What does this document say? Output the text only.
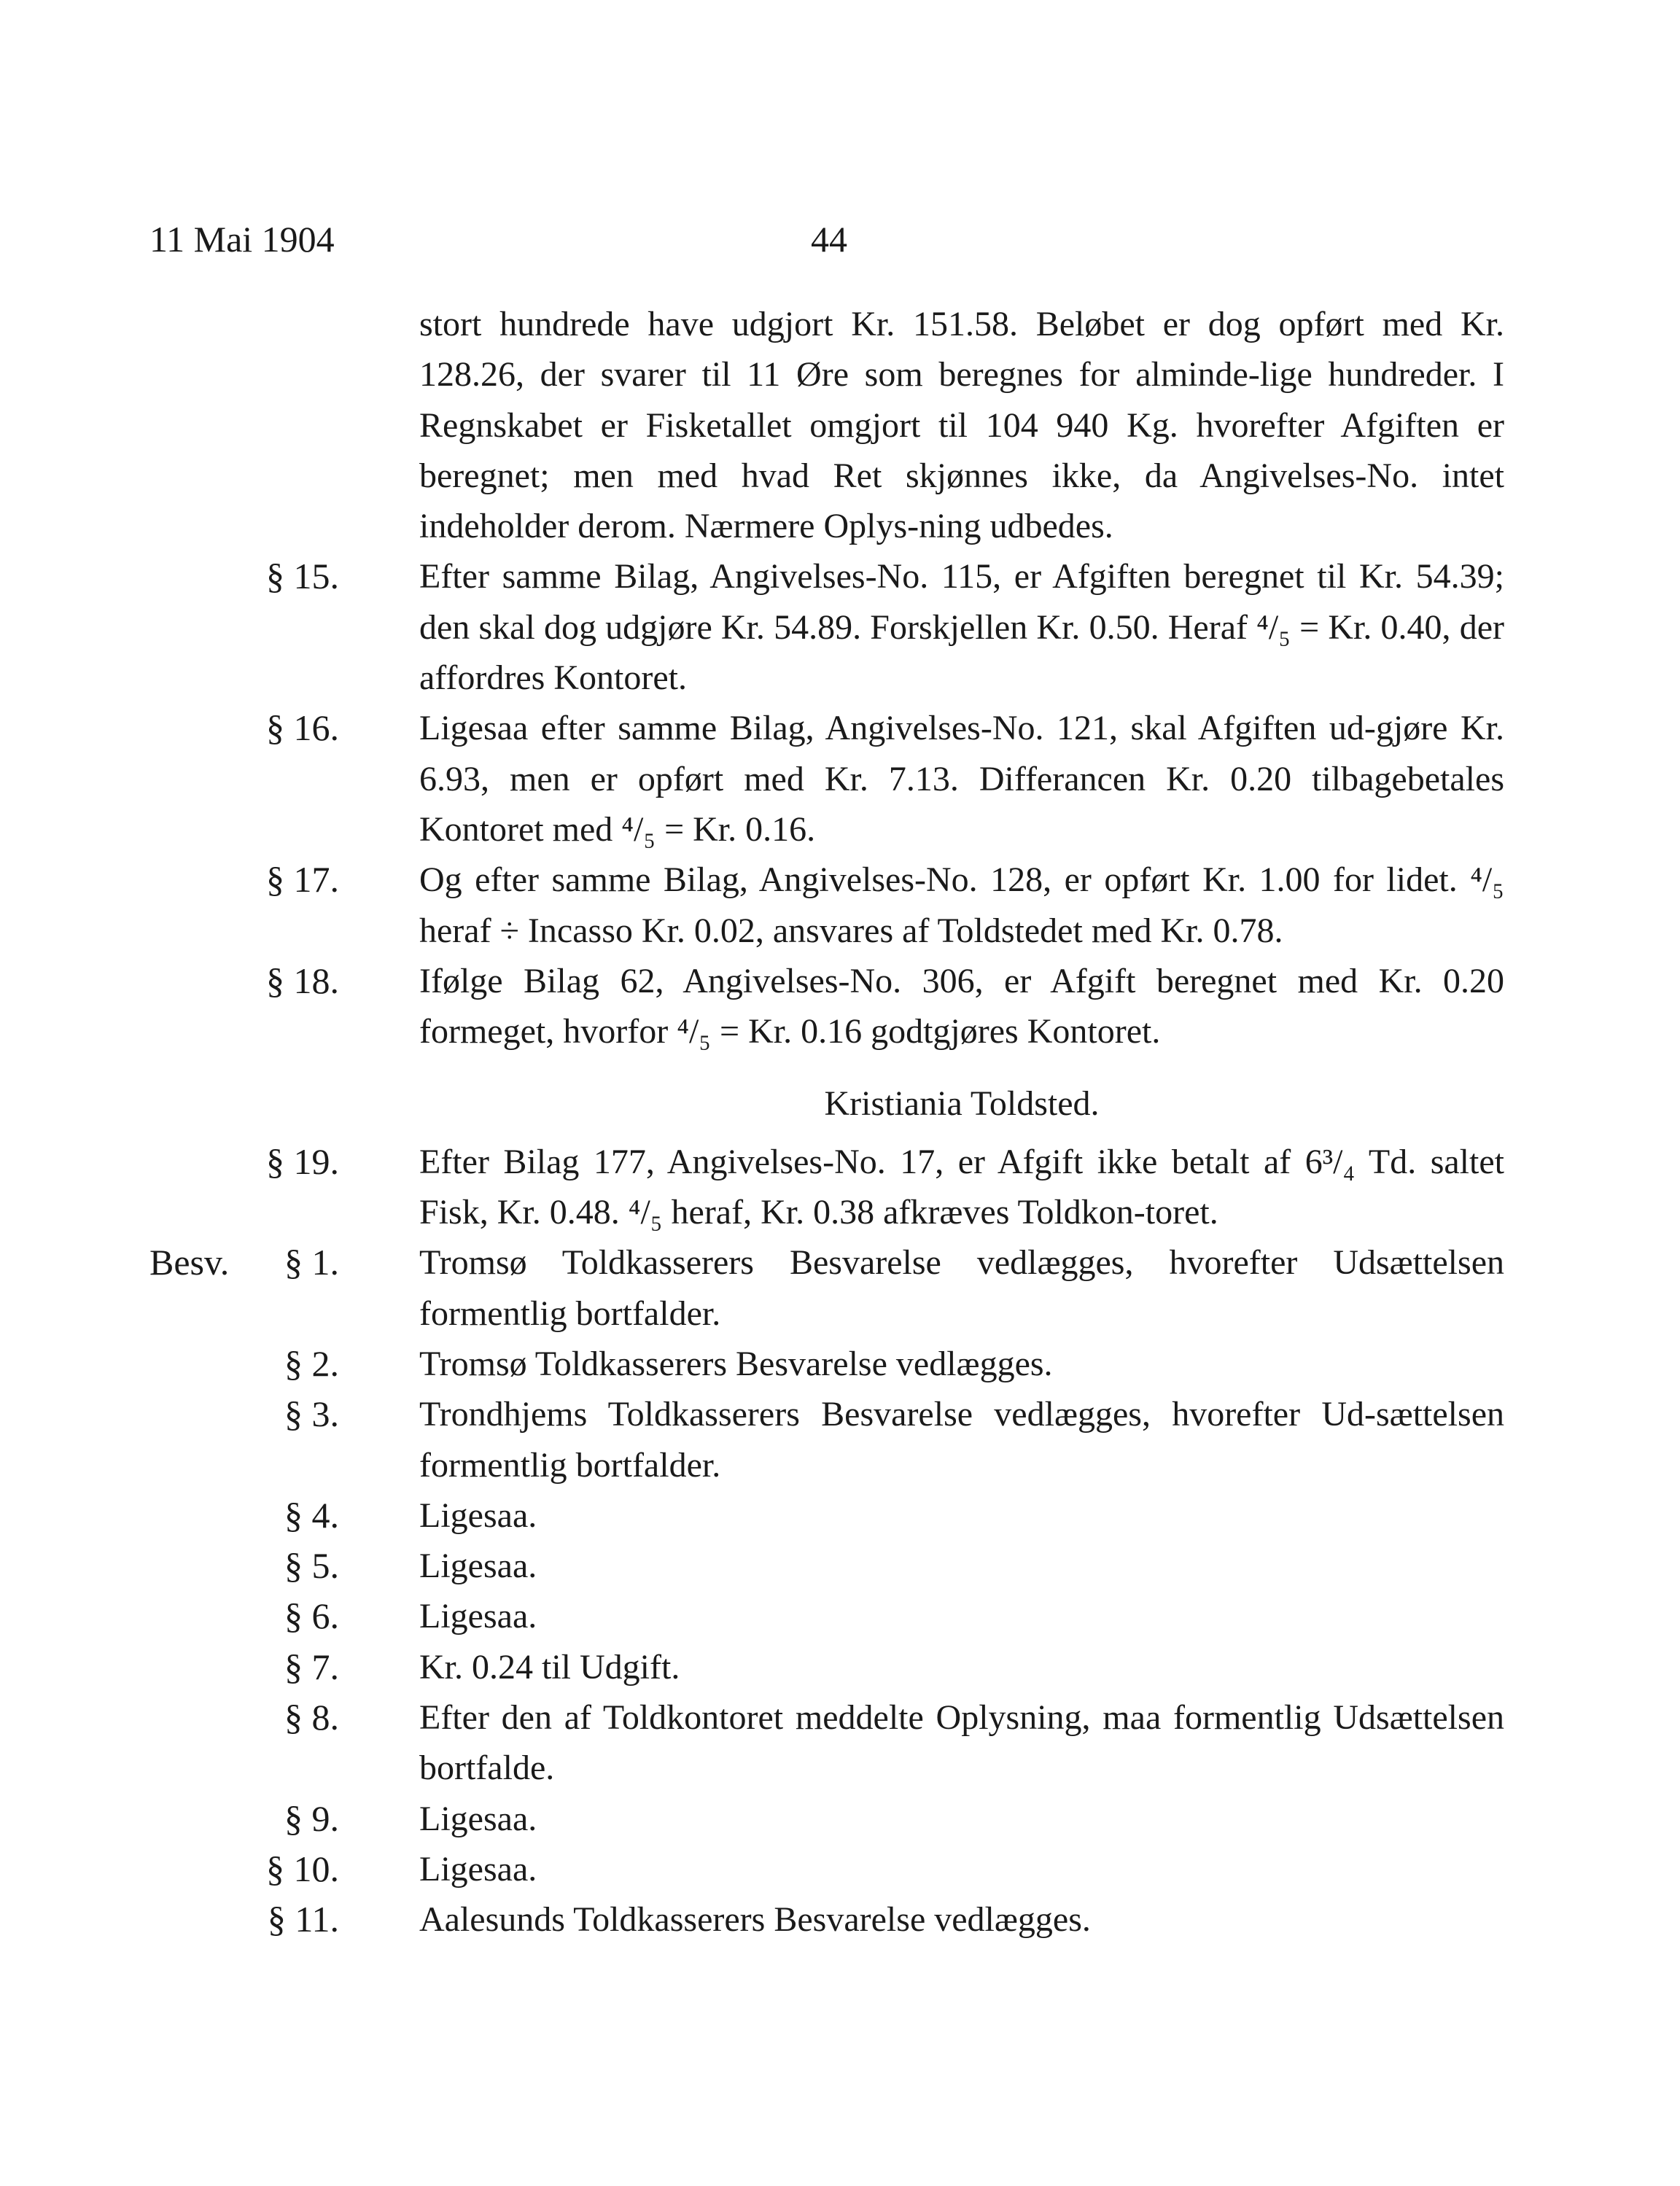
11 Mai 1904	44
stort hundrede have udgjort Kr. 151.58. Beløbet er dog opført med Kr. 128.26, der svarer til 11 Øre som beregnes for alminde-lige hundreder. I Regnskabet er Fisketallet omgjort til 104 940 Kg. hvorefter Afgiften er beregnet; men med hvad Ret skjønnes ikke, da Angivelses-No. intet indeholder derom. Nærmere Oplys-ning udbedes.
§ 15. Efter samme Bilag, Angivelses-No. 115, er Afgiften beregnet til Kr. 54.39; den skal dog udgjøre Kr. 54.89. Forskjellen Kr. 0.50. Heraf ⁴/₅ = Kr. 0.40, der affordres Kontoret.
§ 16. Ligesaa efter samme Bilag, Angivelses-No. 121, skal Afgiften ud-gjøre Kr. 6.93, men er opført med Kr. 7.13. Differancen Kr. 0.20 tilbagebetales Kontoret med ⁴/₅ = Kr. 0.16.
§ 17. Og efter samme Bilag, Angivelses-No. 128, er opført Kr. 1.00 for lidet. ⁴/₅ heraf ÷ Incasso Kr. 0.02, ansvares af Toldstedet med Kr. 0.78.
§ 18. Ifølge Bilag 62, Angivelses-No. 306, er Afgift beregnet med Kr. 0.20 formeget, hvorfor ⁴/₅ = Kr. 0.16 godtgjøres Kontoret.
Kristiania Toldsted.
§ 19. Efter Bilag 177, Angivelses-No. 17, er Afgift ikke betalt af 6³/₄ Td. saltet Fisk, Kr. 0.48. ⁴/₅ heraf, Kr. 0.38 afkræves Toldkon-toret.
Besv. § 1. Tromsø Toldkasserers Besvarelse vedlægges, hvorefter Udsættelsen formentlig bortfalder.
§ 2. Tromsø Toldkasserers Besvarelse vedlægges.
§ 3. Trondhjems Toldkasserers Besvarelse vedlægges, hvorefter Ud-sættelsen formentlig bortfalder.
§ 4. Ligesaa.
§ 5. Ligesaa.
§ 6. Ligesaa.
§ 7. Kr. 0.24 til Udgift.
§ 8. Efter den af Toldkontoret meddelte Oplysning, maa formentlig Udsættelsen bortfalde.
§ 9. Ligesaa.
§ 10. Ligesaa.
§ 11. Aalesunds Toldkasserers Besvarelse vedlægges.
